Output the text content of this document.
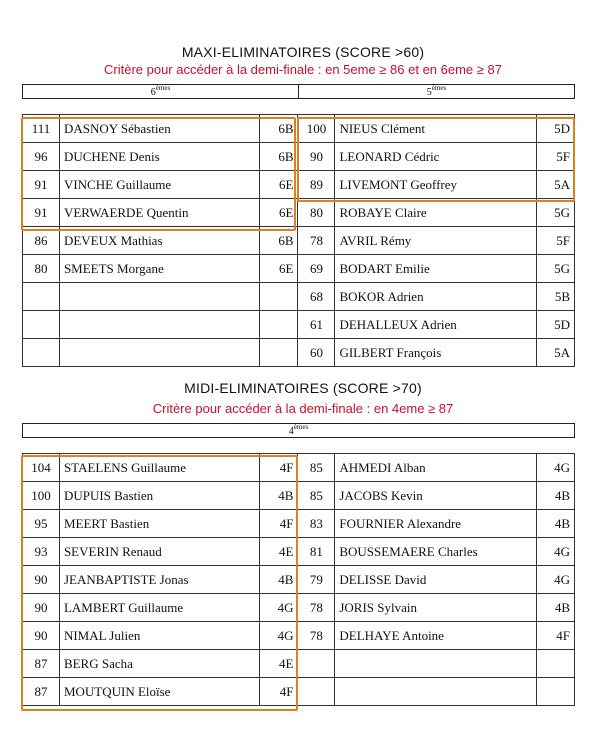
MAXI-ELIMINATOIRES (SCORE >60)
Critère pour accéder à la demi-finale : en 5eme ≥ 86 et en 6eme ≥ 87
6èmes	5èmes
111	DASNOY Sébastien	6B	100	NIEUS Clément	5D
96	DUCHENE Denis	6B	90	LEONARD Cédric	5F
91	VINCHE Guillaume	6E	89	LIVEMONT Geoffrey	5A
91	VERWAERDE Quentin	6E	80	ROBAYE Claire	5G
86	DEVEUX Mathias	6B	78	AVRIL Rémy	5F
80	SMEETS Morgane	6E	69	BODART Emilie	5G
			68	BOKOR Adrien	5B
			61	DEHALLEUX Adrien	5D
			60	GILBERT François	5A
MIDI-ELIMINATOIRES (SCORE >70)
Critère pour accéder à la demi-finale : en 4eme ≥ 87
4èmes
104	STAELENS Guillaume	4F	85	AHMEDI Alban	4G
100	DUPUIS Bastien	4B	85	JACOBS Kevin	4B
95	MEERT Bastien	4F	83	FOURNIER Alexandre	4B
93	SEVERIN Renaud	4E	81	BOUSSEMAERE Charles	4G
90	JEANBAPTISTE Jonas	4B	79	DELISSE David	4G
90	LAMBERT Guillaume	4G	78	JORIS Sylvain	4B
90	NIMAL Julien	4G	78	DELHAYE Antoine	4F
87	BERG Sacha	4E			
87	MOUTQUIN Eloïse	4F			
